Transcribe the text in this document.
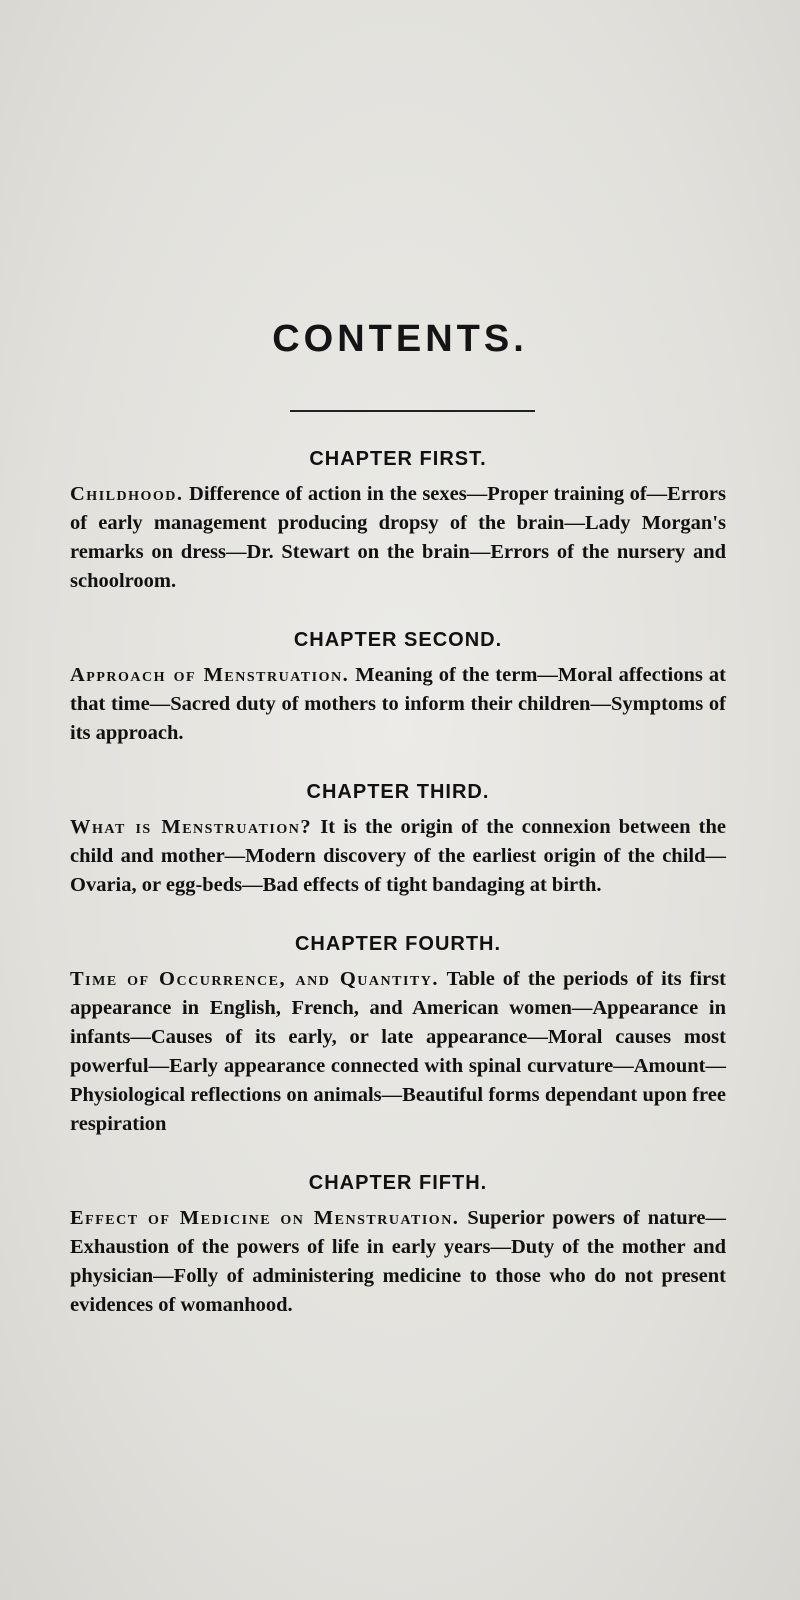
CONTENTS.
CHAPTER FIRST.

Childhood. Difference of action in the sexes—Proper training of—Errors of early management producing dropsy of the brain—Lady Morgan's remarks on dress—Dr. Stewart on the brain—Errors of the nursery and schoolroom.

CHAPTER SECOND.

Approach of Menstruation. Meaning of the term—Moral affections at that time—Sacred duty of mothers to inform their children—Symptoms of its approach.

CHAPTER THIRD.

What is Menstruation? It is the origin of the connexion between the child and mother—Modern discovery of the earliest origin of the child—Ovaria, or egg-beds—Bad effects of tight bandaging at birth.

CHAPTER FOURTH.

Time of Occurrence, and Quantity. Table of the periods of its first appearance in English, French, and American women—Appearance in infants—Causes of its early, or late appearance—Moral causes most powerful—Early appearance connected with spinal curvature—Amount—Physiological reflections on animals—Beautiful forms dependant upon free respiration

CHAPTER FIFTH.

Effect of Medicine on Menstruation. Superior powers of nature—Exhaustion of the powers of life in early years—Duty of the mother and physician—Folly of administering medicine to those who do not present evidences of womanhood.
